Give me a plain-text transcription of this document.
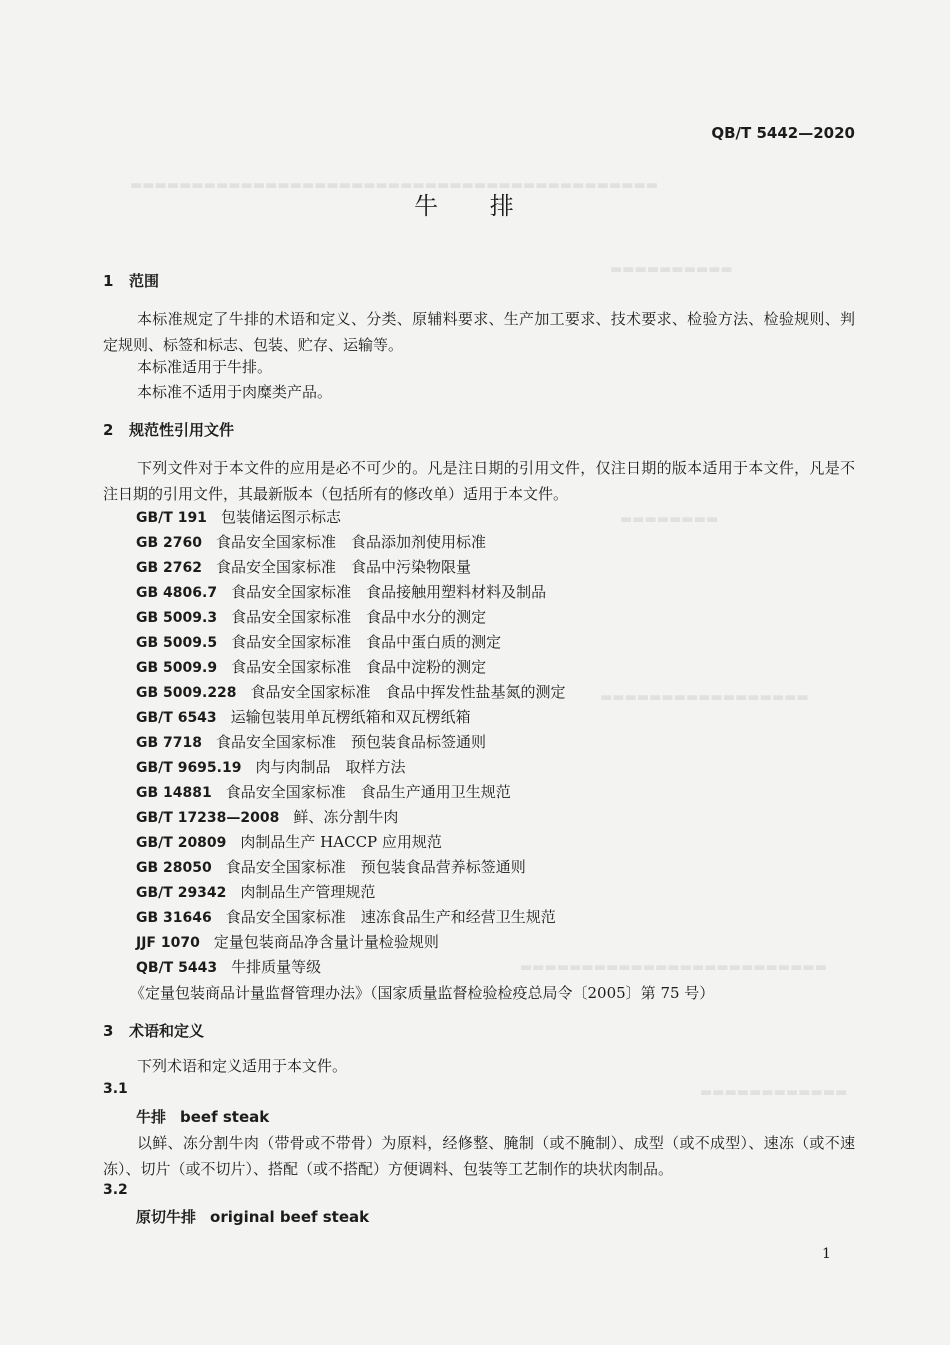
▬▬▬▬▬▬▬▬▬▬▬▬▬▬▬▬▬▬▬▬▬▬▬▬▬▬▬▬▬▬▬▬▬▬▬▬▬▬▬▬▬▬▬
▬▬▬▬▬▬▬▬▬▬
▬▬▬▬▬▬▬▬
▬▬▬▬▬▬▬▬▬▬▬▬▬▬▬▬▬
▬▬▬▬▬▬▬▬▬▬▬▬▬▬▬▬▬▬▬▬▬▬▬▬▬
▬▬▬▬▬▬▬▬▬▬▬▬
QB/T 5442—2020
牛 排
1 范围
本标准规定了牛排的术语和定义、分类、原辅料要求、生产加工要求、技术要求、检验方法、检验规则、判定规则、标签和标志、包装、贮存、运输等。
本标准适用于牛排。
本标准不适用于肉糜类产品。
2 规范性引用文件
下列文件对于本文件的应用是必不可少的。凡是注日期的引用文件，仅注日期的版本适用于本文件，凡是不注日期的引用文件，其最新版本（包括所有的修改单）适用于本文件。
GB/T 191 包装储运图示标志
GB 2760 食品安全国家标准　食品添加剂使用标准
GB 2762 食品安全国家标准　食品中污染物限量
GB 4806.7 食品安全国家标准　食品接触用塑料材料及制品
GB 5009.3 食品安全国家标准　食品中水分的测定
GB 5009.5 食品安全国家标准　食品中蛋白质的测定
GB 5009.9 食品安全国家标准　食品中淀粉的测定
GB 5009.228 食品安全国家标准　食品中挥发性盐基氮的测定
GB/T 6543 运输包装用单瓦楞纸箱和双瓦楞纸箱
GB 7718 食品安全国家标准　预包装食品标签通则
GB/T 9695.19 肉与肉制品　取样方法
GB 14881 食品安全国家标准　食品生产通用卫生规范
GB/T 17238—2008 鲜、冻分割牛肉
GB/T 20809 肉制品生产 HACCP 应用规范
GB 28050 食品安全国家标准　预包装食品营养标签通则
GB/T 29342 肉制品生产管理规范
GB 31646 食品安全国家标准　速冻食品生产和经营卫生规范
JJF 1070 定量包装商品净含量计量检验规则
QB/T 5443 牛排质量等级
《定量包装商品计量监督管理办法》（国家质量监督检验检疫总局令〔2005〕第 75 号）
3 术语和定义
下列术语和定义适用于本文件。
3.1
牛排 beef steak
以鲜、冻分割牛肉（带骨或不带骨）为原料，经修整、腌制（或不腌制）、成型（或不成型）、速冻（或不速冻）、切片（或不切片）、搭配（或不搭配）方便调料、包装等工艺制作的块状肉制品。
3.2
原切牛排 original beef steak
1
